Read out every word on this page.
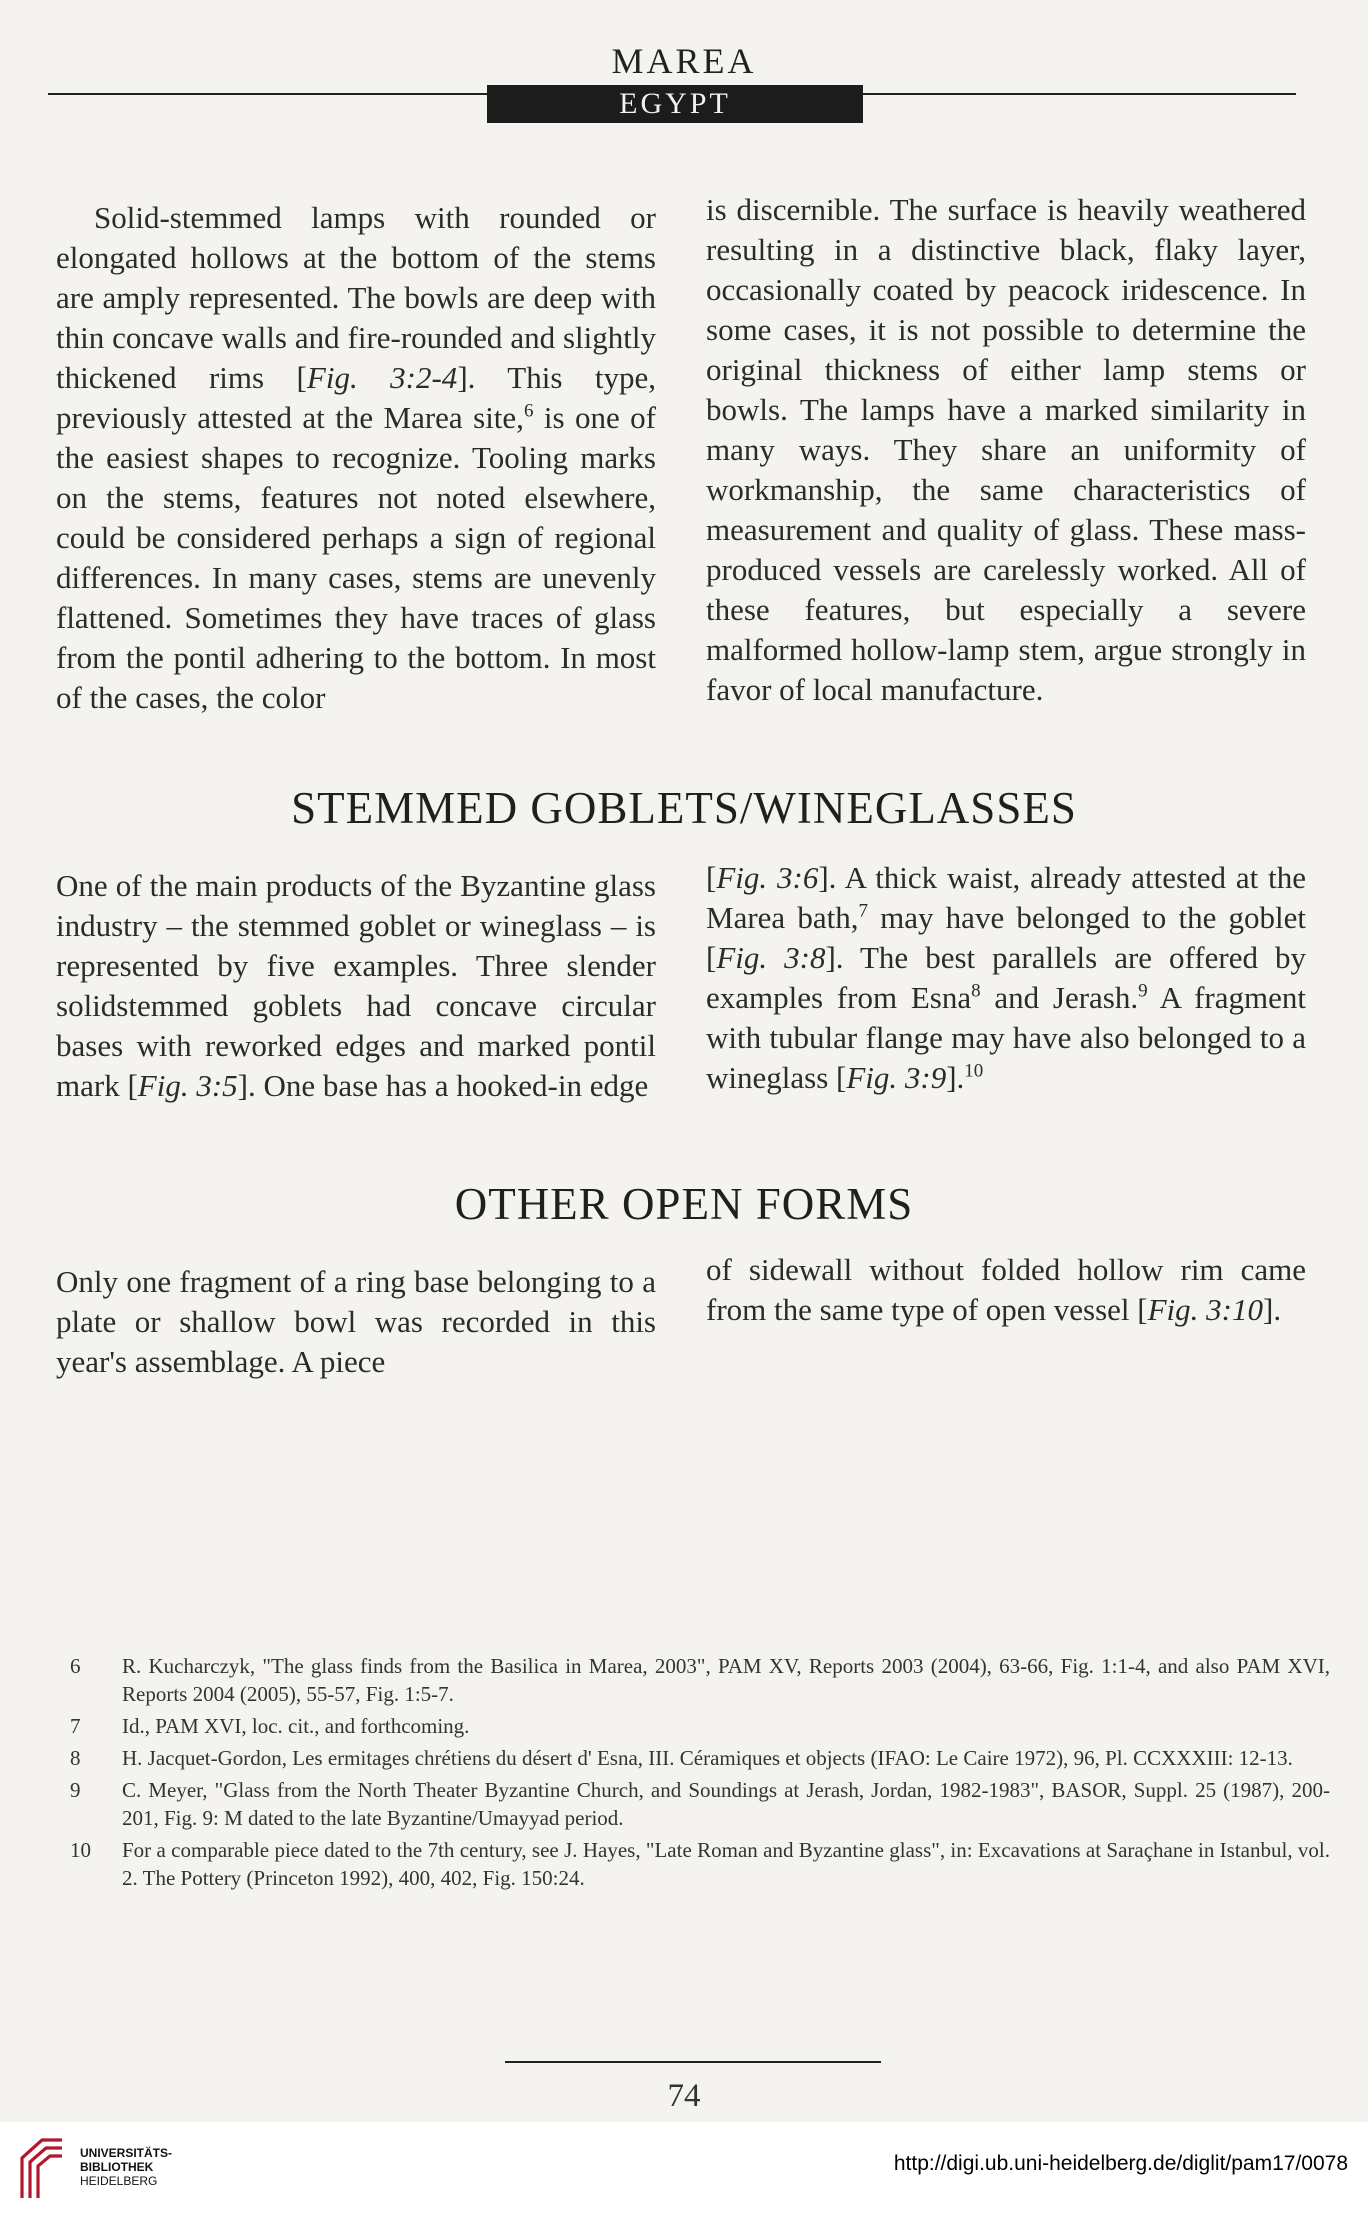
MAREA
EGYPT

Solid-stemmed lamps with rounded or elongated hollows at the bottom of the stems are amply represented. The bowls are deep with thin concave walls and fire-rounded and slightly thickened rims [Fig. 3:2-4]. This type, previously attested at the Marea site,$^6$ is one of the easiest shapes to recognize. Tooling marks on the stems, features not noted elsewhere, could be considered perhaps a sign of regional differences. In many cases, stems are unevenly flattened. Sometimes they have traces of glass from the pontil adhering to the bottom. In most of the cases, the color

is discernible. The surface is heavily weathered resulting in a distinctive black, flaky layer, occasionally coated by peacock iridescence. In some cases, it is not possible to determine the original thickness of either lamp stems or bowls. The lamps have a marked similarity in many ways. They share an uniformity of workmanship, the same characteristics of measurement and quality of glass. These mass-produced vessels are carelessly worked. All of these features, but especially a severe malformed hollow-lamp stem, argue strongly in favor of local manufacture.

STEMMED GOBLETS/WINEGLASSES

One of the main products of the Byzantine glass industry – the stemmed goblet or wineglass – is represented by five examples. Three slender solidstemmed goblets had concave circular bases with reworked edges and marked pontil mark [Fig. 3:5]. One base has a hooked-in edge

[Fig. 3:6]. A thick waist, already attested at the Marea bath,$^7$ may have belonged to the goblet [Fig. 3:8]. The best parallels are offered by examples from Esna$^8$ and Jerash.$^9$ A fragment with tubular flange may have also belonged to a wineglass [Fig. 3:9].$^{10}$

OTHER OPEN FORMS

Only one fragment of a ring base belonging to a plate or shallow bowl was recorded in this year's assemblage. A piece

of sidewall without folded hollow rim came from the same type of open vessel [Fig. 3:10].

6	R. Kucharczyk, "The glass finds from the Basilica in Marea, 2003", PAM XV, Reports 2003 (2004), 63-66, Fig. 1:1-4, and also PAM XVI, Reports 2004 (2005), 55-57, Fig. 1:5-7.
7	Id., PAM XVI, loc. cit., and forthcoming.
8	H. Jacquet-Gordon, Les ermitages chrétiens du désert d' Esna, III. Céramiques et objects (IFAO: Le Caire 1972), 96, Pl. CCXXXIII: 12-13.
9	C. Meyer, "Glass from the North Theater Byzantine Church, and Soundings at Jerash, Jordan, 1982-1983", BASOR, Suppl. 25 (1987), 200-201, Fig. 9: M dated to the late Byzantine/Umayyad period.
10	For a comparable piece dated to the 7th century, see J. Hayes, "Late Roman and Byzantine glass", in: Excavations at Saraçhane in Istanbul, vol. 2. The Pottery (Princeton 1992), 400, 402, Fig. 150:24.
74
UNIVERSITÄTS-
BIBLIOTHEK
HEIDELBERG
http://digi.ub.uni-heidelberg.de/diglit/pam17/0078
